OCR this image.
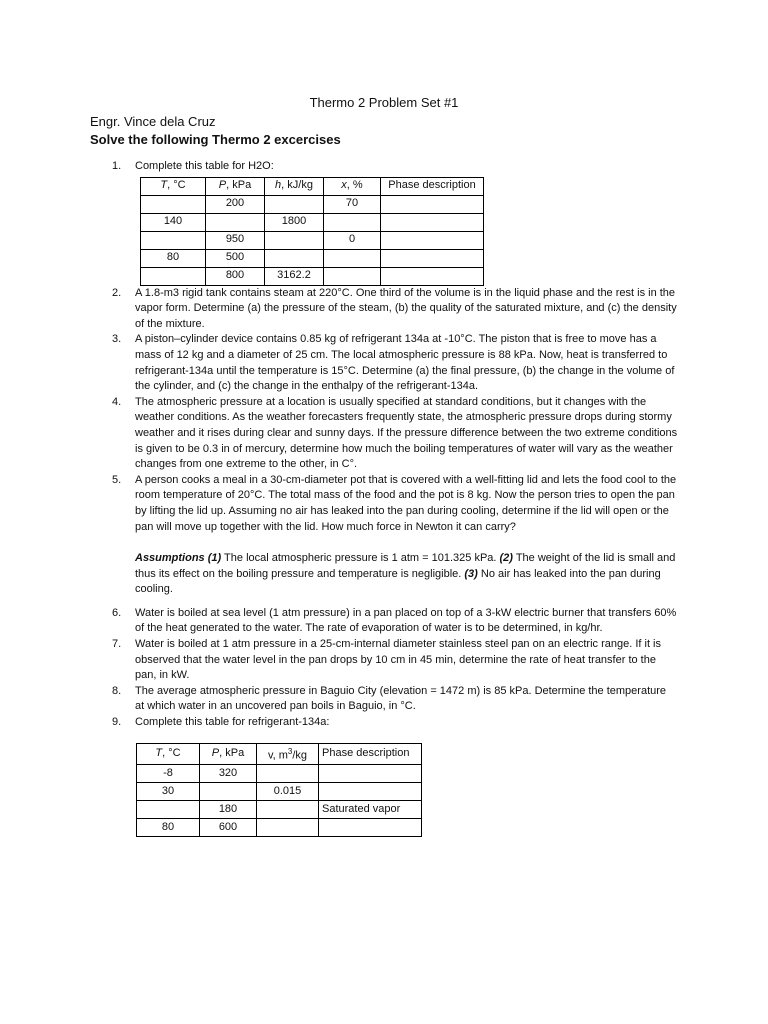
Thermo 2 Problem Set #1
Engr. Vince dela Cruz
Solve the following Thermo 2 excercises
1. Complete this table for H2O:
T, °C	P, kPa	h, kJ/kg	x, %	Phase description
	200		70	
140		1800		
	950		0	
80	500			
	800	3162.2		
2. A 1.8-m3 rigid tank contains steam at 220°C. One third of the volume is in the liquid phase and the rest is in the vapor form. Determine (a) the pressure of the steam, (b) the quality of the saturated mixture, and (c) the density of the mixture.
3. A piston–cylinder device contains 0.85 kg of refrigerant 134a at -10°C. The piston that is free to move has a mass of 12 kg and a diameter of 25 cm. The local atmospheric pressure is 88 kPa. Now, heat is transferred to refrigerant-134a until the temperature is 15°C. Determine (a) the final pressure, (b) the change in the volume of the cylinder, and (c) the change in the enthalpy of the refrigerant-134a.
4. The atmospheric pressure at a location is usually specified at standard conditions, but it changes with the weather conditions. As the weather forecasters frequently state, the atmospheric pressure drops during stormy weather and it rises during clear and sunny days. If the pressure difference between the two extreme conditions is given to be 0.3 in of mercury, determine how much the boiling temperatures of water will vary as the weather changes from one extreme to the other, in C°.
5. A person cooks a meal in a 30-cm-diameter pot that is covered with a well-fitting lid and lets the food cool to the room temperature of 20°C. The total mass of the food and the pot is 8 kg. Now the person tries to open the pan by lifting the lid up. Assuming no air has leaked into the pan during cooling, determine if the lid will open or the pan will move up together with the lid. How much force in Newton it can carry?
Assumptions (1) The local atmospheric pressure is 1 atm = 101.325 kPa. (2) The weight of the lid is small and thus its effect on the boiling pressure and temperature is negligible. (3) No air has leaked into the pan during cooling.
6. Water is boiled at sea level (1 atm pressure) in a pan placed on top of a 3-kW electric burner that transfers 60% of the heat generated to the water. The rate of evaporation of water is to be determined, in kg/hr.
7. Water is boiled at 1 atm pressure in a 25-cm-internal diameter stainless steel pan on an electric range. If it is observed that the water level in the pan drops by 10 cm in 45 min, determine the rate of heat transfer to the pan, in kW.
8. The average atmospheric pressure in Baguio City (elevation = 1472 m) is 85 kPa. Determine the temperature at which water in an uncovered pan boils in Baguio, in °C.
9. Complete this table for refrigerant-134a:
T, °C	P, kPa	v, $m^3/kg$	Phase description
-8	320		
30		0.015	
	180		Saturated vapor
80	600		
